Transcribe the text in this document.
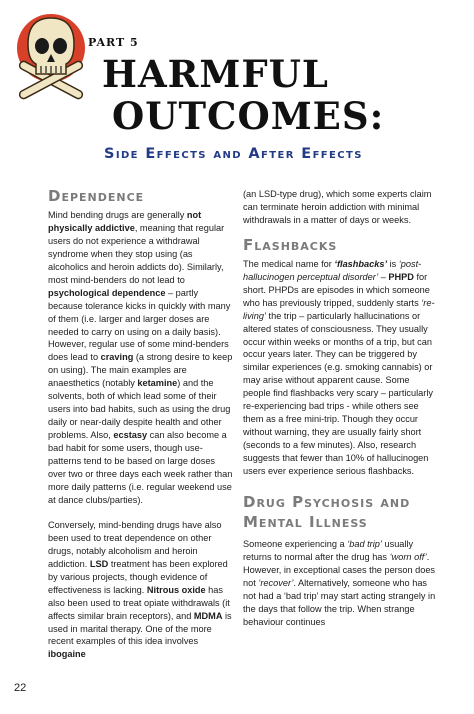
PART 5
HARMFUL
OUTCOMES:
Side Effects and After Effects
Dependence

Mind bending drugs are generally not physically addictive, meaning that regular users do not experience a withdrawal syndrome when they stop using (as alcoholics and heroin addicts do). Similarly, most mind-benders do not lead to psychological dependence – partly because tolerance kicks in quickly with many of them (i.e. larger and larger doses are needed to carry on using on a daily basis). However, regular use of some mind-benders does lead to craving (a strong desire to keep on using). The main examples are anaesthetics (notably ketamine) and the solvents, both of which lead some of their users into bad habits, such as using the drug daily or near-daily despite health and other problems. Also, ecstasy can also become a bad habit for some users, though use-patterns tend to be based on large doses over two or three days each week rather than more daily patterns (i.e. regular weekend use at dance clubs/parties).

Conversely, mind-bending drugs have also been used to treat dependence on other drugs, notably alcoholism and heroin addiction. LSD treatment has been explored by various projects, though evidence of effectiveness is lacking. Nitrous oxide has also been used to treat opiate withdrawals (it affects similar brain receptors), and MDMA is used in marital therapy. One of the more recent examples of this idea involves ibogaine

(an LSD-type drug), which some experts claim can terminate heroin addiction with minimal withdrawals in a matter of days or weeks.

Flashbacks

The medical name for ‘flashbacks’ is ‘post-hallucinogen perceptual disorder’ – PHPD for short. PHPDs are episodes in which someone who has previously tripped, suddenly starts ‘re-living’ the trip – particularly hallucinations or altered states of consciousness. They usually occur within weeks or months of a trip, but can occur years later. They can be triggered by similar experiences (e.g. smoking cannabis) or may arise without apparent cause. Some people find flashbacks very scary – particularly re-experiencing bad trips - while others see them as a free mini-trip. Though they occur without warning, they are usually fairly short (seconds to a few minutes). Also, research suggests that fewer than 10% of hallucinogen users ever experience serious flashbacks.

Drug Psychosis and Mental Illness

Someone experiencing a ‘bad trip’ usually returns to normal after the drug has ‘worn off’. However, in exceptional cases the person does not ‘recover’. Alternatively, someone who has not had a ‘bad trip’ may start acting strangely in the days that follow the trip. When strange behaviour continues

22
